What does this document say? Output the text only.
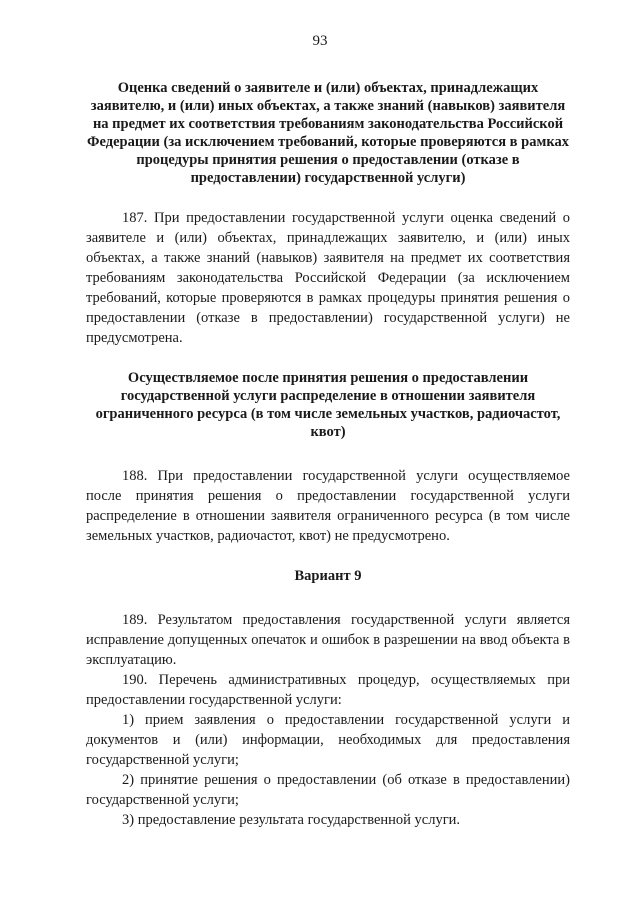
93

Оценка сведений о заявителе и (или) объектах, принадлежащих заявителю, и (или) иных объектах, а также знаний (навыков) заявителя на предмет их соответствия требованиям законодательства Российской Федерации (за исключением требований, которые проверяются в рамках процедуры принятия решения о предоставлении (отказе в предоставлении) государственной услуги)

187. При предоставлении государственной услуги оценка сведений о заявителе и (или) объектах, принадлежащих заявителю, и (или) иных объектах, а также знаний (навыков) заявителя на предмет их соответствия требованиям законодательства Российской Федерации (за исключением требований, которые проверяются в рамках процедуры принятия решения о предоставлении (отказе в предоставлении) государственной услуги) не предусмотрена.

Осуществляемое после принятия решения о предоставлении государственной услуги распределение в отношении заявителя ограниченного ресурса (в том числе земельных участков, радиочастот, квот)

188. При предоставлении государственной услуги осуществляемое после принятия решения о предоставлении государственной услуги распределение в отношении заявителя ограниченного ресурса (в том числе земельных участков, радиочастот, квот) не предусмотрено.

Вариант 9

189. Результатом предоставления государственной услуги является исправление допущенных опечаток и ошибок в разрешении на ввод объекта в эксплуатацию.

190. Перечень административных процедур, осуществляемых при предоставлении государственной услуги:

1) прием заявления о предоставлении государственной услуги и документов и (или) информации, необходимых для предоставления государственной услуги;

2) принятие решения о предоставлении (об отказе в предоставлении) государственной услуги;

3) предоставление результата государственной услуги.
